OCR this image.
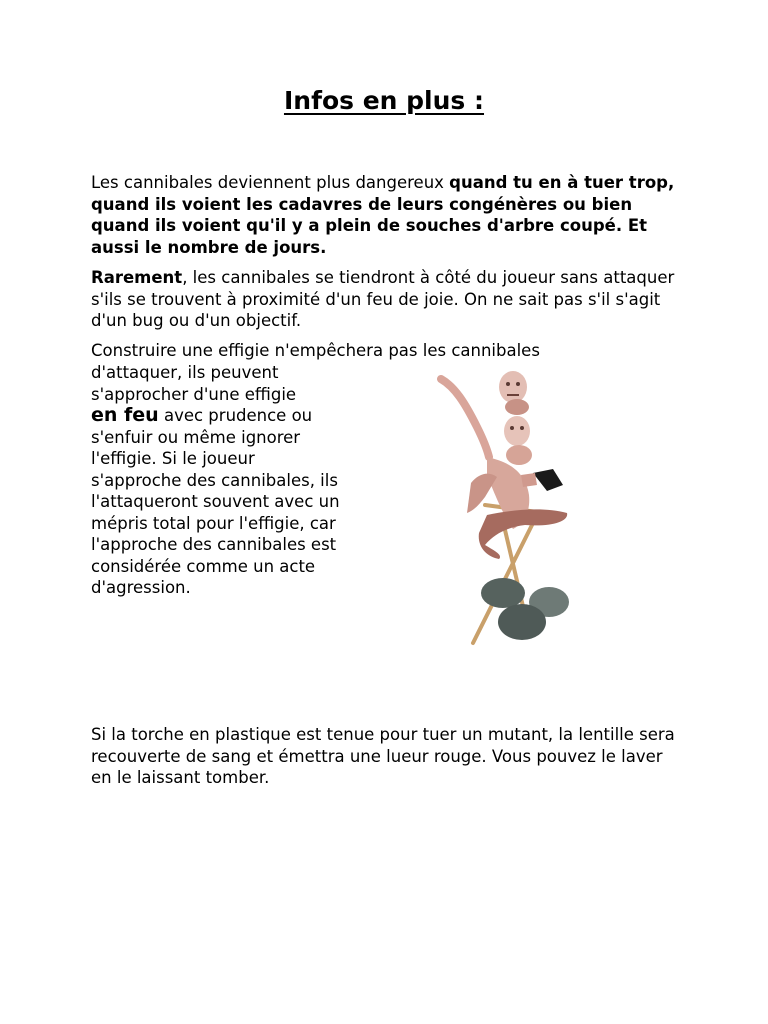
Infos en plus :
Les cannibales deviennent plus dangereux quand tu en à tuer trop, quand ils voient les cadavres de leurs congénères ou bien quand ils voient qu'il y a plein de souches d'arbre coupé. Et aussi le nombre de jours.
Rarement, les cannibales se tiendront à côté du joueur sans attaquer s'ils se trouvent à proximité d'un feu de joie. On ne sait pas s'il s'agit d'un bug ou d'un objectif.
Construire une effigie n'empêchera pas les cannibales
d'attaquer, ils peuvent s'approcher d'une effigie
en feu avec prudence ou s'enfuir ou même ignorer l'effigie. Si le joueur s'approche des cannibales, ils l'attaqueront souvent avec un mépris total pour l'effigie, car l'approche des cannibales est considérée comme un acte d'agression.
Si la torche en plastique est tenue pour tuer un mutant, la lentille sera recouverte de sang et émettra une lueur rouge. Vous pouvez le laver en le laissant tomber.
